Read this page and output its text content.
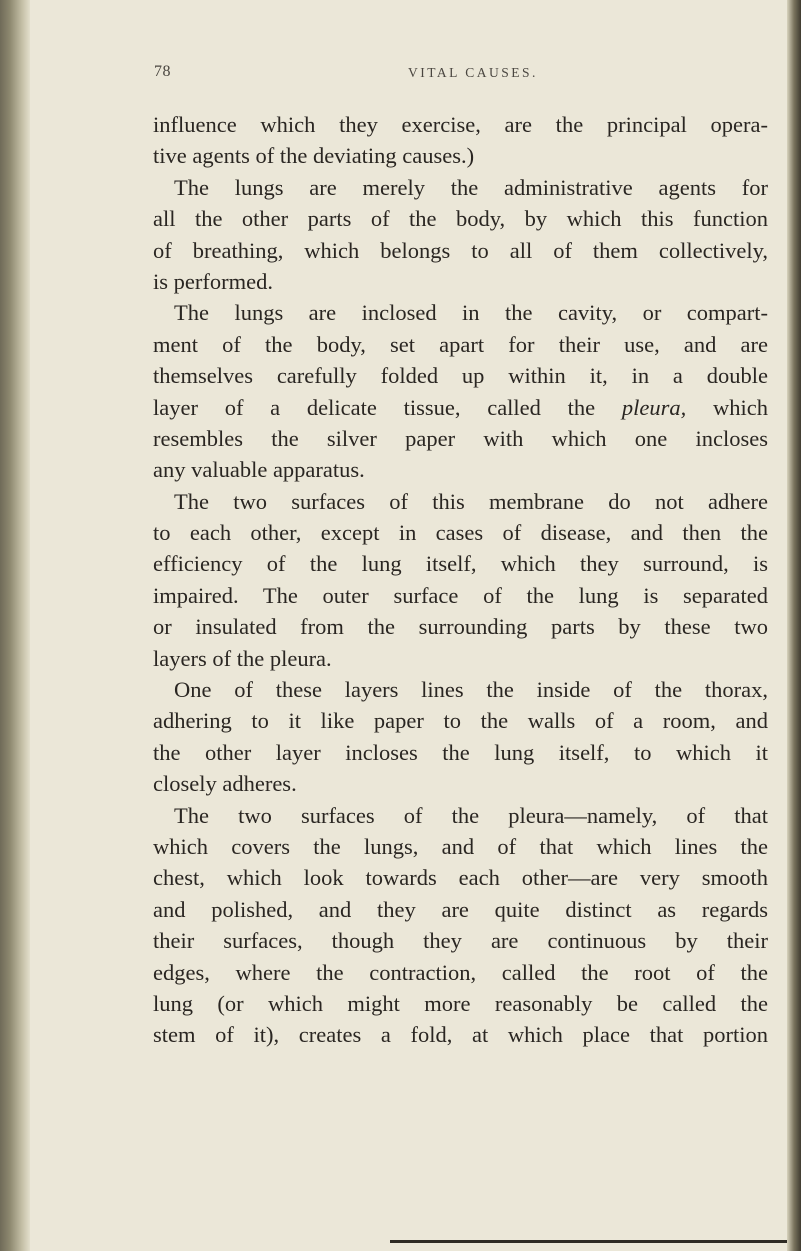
78	VITAL CAUSES.
influence which they exercise, are the principal opera-
tive agents of the deviating causes.)
The lungs are merely the administrative agents for
all the other parts of the body, by which this function
of breathing, which belongs to all of them collectively,
is performed.
The lungs are inclosed in the cavity, or compart-
ment of the body, set apart for their use, and are
themselves carefully folded up within it, in a double
layer of a delicate tissue, called the pleura, which
resembles the silver paper with which one incloses
any valuable apparatus.
The two surfaces of this membrane do not adhere
to each other, except in cases of disease, and then the
efficiency of the lung itself, which they surround, is
impaired. The outer surface of the lung is separated
or insulated from the surrounding parts by these two
layers of the pleura.
One of these layers lines the inside of the thorax,
adhering to it like paper to the walls of a room, and
the other layer incloses the lung itself, to which it
closely adheres.
The two surfaces of the pleura—namely, of that
which covers the lungs, and of that which lines the
chest, which look towards each other—are very smooth
and polished, and they are quite distinct as regards
their surfaces, though they are continuous by their
edges, where the contraction, called the root of the
lung (or which might more reasonably be called the
stem of it), creates a fold, at which place that portion
